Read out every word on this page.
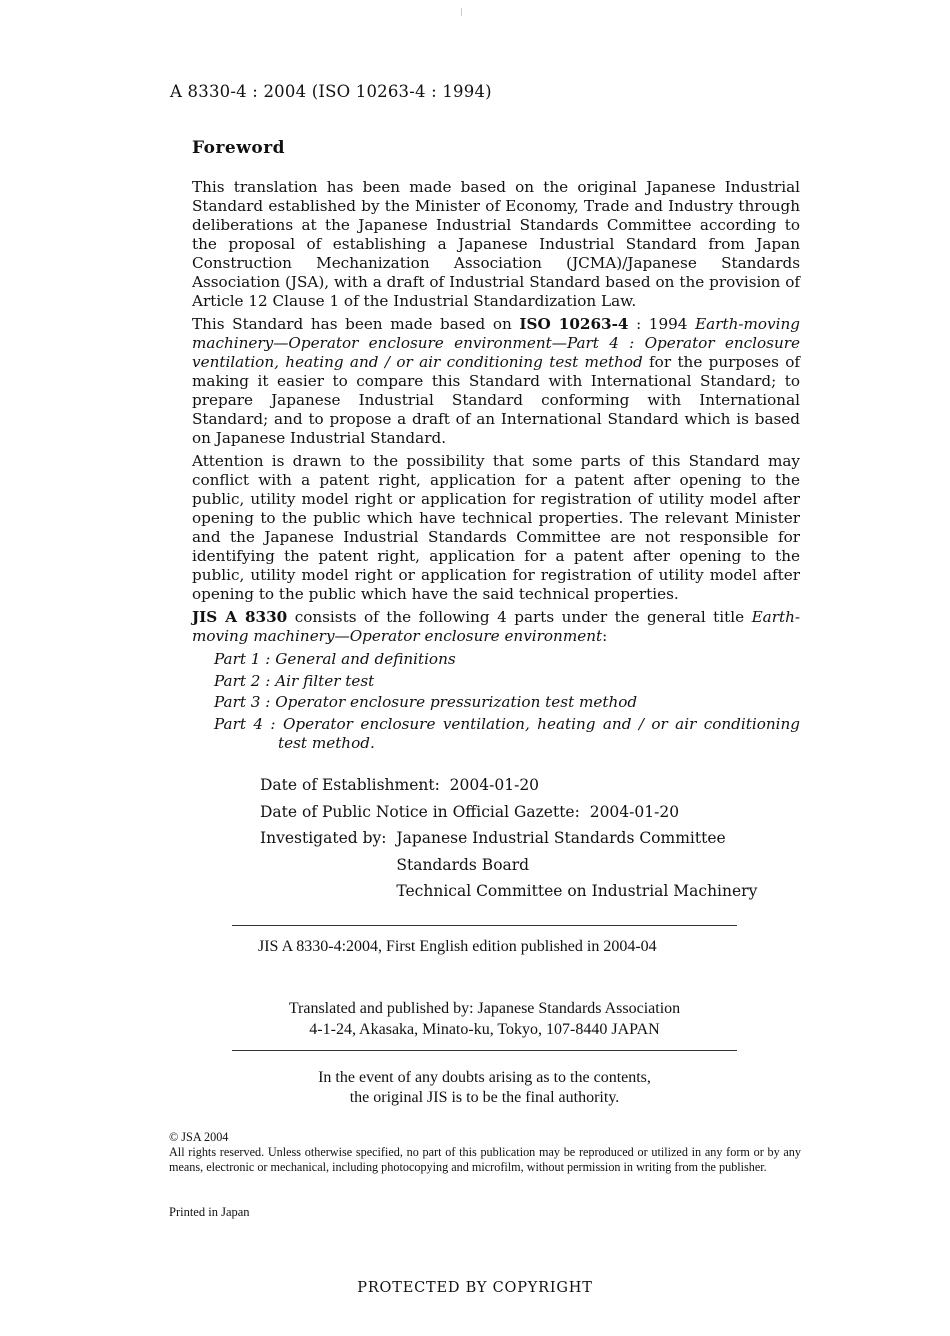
A 8330-4 : 2004 (ISO 10263-4 : 1994)
Foreword

This translation has been made based on the original Japanese Industrial Standard established by the Minister of Economy, Trade and Industry through deliberations at the Japanese Industrial Standards Committee according to the proposal of establishing a Japanese Industrial Standard from Japan Construction Mechanization Association (JCMA)/Japanese Standards Association (JSA), with a draft of Industrial Standard based on the provision of Article 12 Clause 1 of the Industrial Standardization Law.

This Standard has been made based on ISO 10263-4 : 1994 Earth-moving machinery—Operator enclosure environment—Part 4 : Operator enclosure ventilation, heating and / or air conditioning test method for the purposes of making it easier to compare this Standard with International Standard; to prepare Japanese Industrial Standard conforming with International Standard; and to propose a draft of an International Standard which is based on Japanese Industrial Standard.

Attention is drawn to the possibility that some parts of this Standard may conflict with a patent right, application for a patent after opening to the public, utility model right or application for registration of utility model after opening to the public which have technical properties. The relevant Minister and the Japanese Industrial Standards Committee are not responsible for identifying the patent right, application for a patent after opening to the public, utility model right or application for registration of utility model after opening to the public which have the said technical properties.

JIS A 8330 consists of the following 4 parts under the general title Earth-moving machinery—Operator enclosure environment:

Part 1 : General and definitions
Part 2 : Air filter test
Part 3 : Operator enclosure pressurization test method
Part 4 : Operator enclosure ventilation, heating and / or air conditioning test method.
Date of Establishment:
2004-01-20
Date of Public Notice in Official Gazette:
2004-01-20
Investigated by:
Japanese Industrial Standards Committee
Standards Board
Technical Committee on Industrial Machinery
JIS A 8330-4:2004, First English edition published in 2004-04
Translated and published by: Japanese Standards Association
4-1-24, Akasaka, Minato-ku, Tokyo, 107-8440 JAPAN
In the event of any doubts arising as to the contents,
the original JIS is to be the final authority.
© JSA 2004
All rights reserved. Unless otherwise specified, no part of this publication may be reproduced or utilized in any form or by any means, electronic or mechanical, including photocopying and microfilm, without permission in writing from the publisher.
Printed in Japan
PROTECTED BY COPYRIGHT
